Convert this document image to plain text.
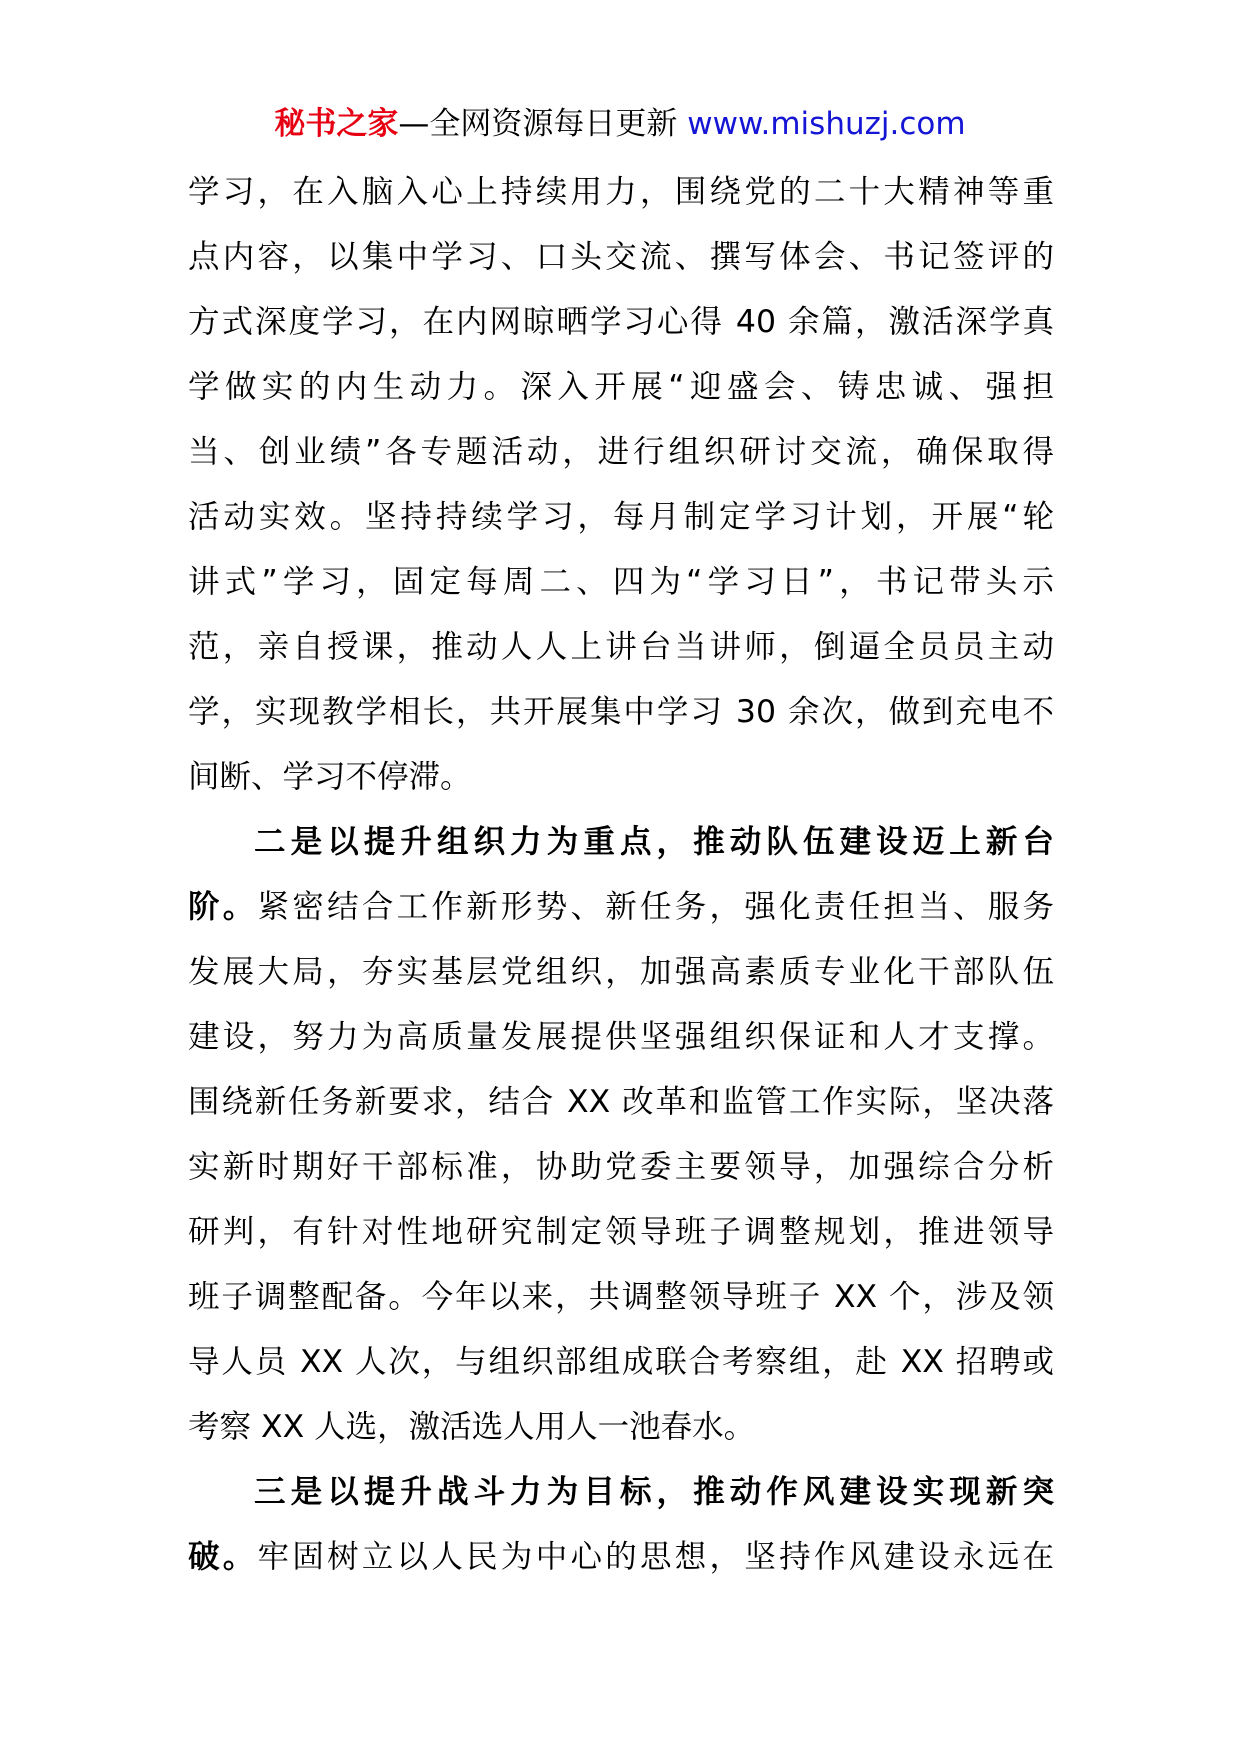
秘书之家—全网资源每日更新 www.mishuzj.com
学习，在入脑入心上持续用力，围绕党的二十大精神等重
点内容，以集中学习、口头交流、撰写体会、书记签评的
方式深度学习，在内网晾晒学习心得 40 余篇，激活深学真
学做实的内生动力。深入开展“迎盛会、铸忠诚、强担
当、创业绩”各专题活动，进行组织研讨交流，确保取得
活动实效。坚持持续学习，每月制定学习计划，开展“轮
讲式”学习，固定每周二、四为“学习日”，书记带头示
范，亲自授课，推动人人上讲台当讲师，倒逼全员员主动
学，实现教学相长，共开展集中学习 30 余次，做到充电不
间断、学习不停滞。
二是以提升组织力为重点，推动队伍建设迈上新台
阶。紧密结合工作新形势、新任务，强化责任担当、服务
发展大局，夯实基层党组织，加强高素质专业化干部队伍
建设，努力为高质量发展提供坚强组织保证和人才支撑。
围绕新任务新要求，结合 XX 改革和监管工作实际，坚决落
实新时期好干部标准，协助党委主要领导，加强综合分析
研判，有针对性地研究制定领导班子调整规划，推进领导
班子调整配备。今年以来，共调整领导班子 XX 个，涉及领
导人员 XX 人次，与组织部组成联合考察组，赴 XX 招聘或
考察 XX 人选，激活选人用人一池春水。
三是以提升战斗力为目标，推动作风建设实现新突
破。牢固树立以人民为中心的思想，坚持作风建设永远在
